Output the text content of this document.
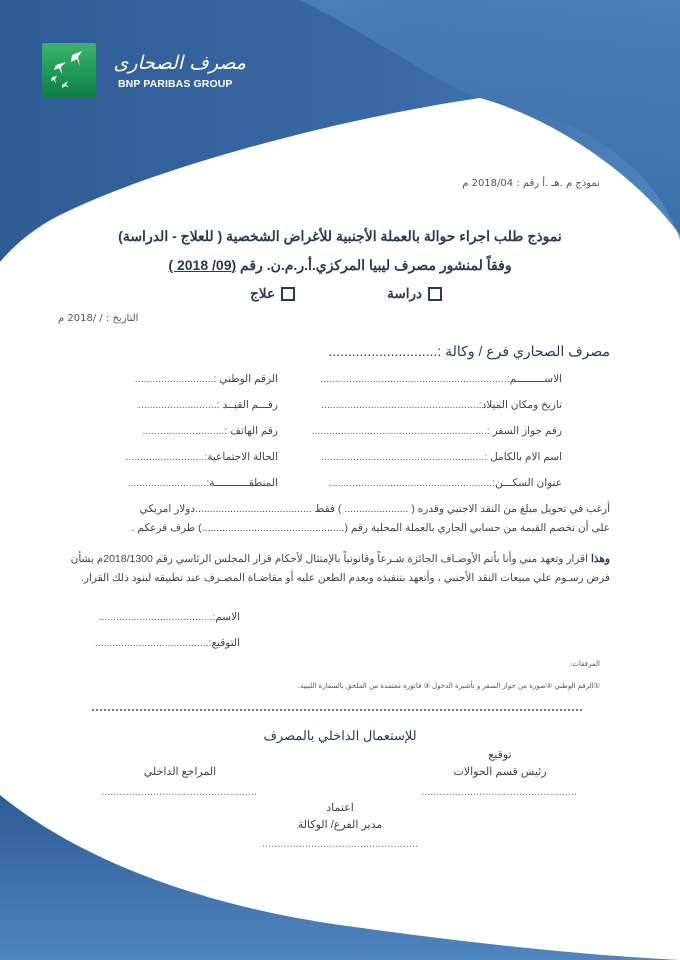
مصرف الصحارى
BNP PARIBAS GROUP
نموذج م .هـ .أ رقم : 2018/04 م
نموذج طلب اجراء حوالة بالعملة الأجنبية للأغراض الشخصية ( للعلاج - الدراسة)
وفقاً لمنشور مصرف ليبيا المركزي.أ.ر.م.ن. رقم (09/ 2018 )
دراسة
علاج
التاريخ : / /2018 م
مصرف الصحاري فرع / وكالة :............................
الاســـــــــم:................................................................
تاريخ ومكان الميلاد:......................................................
رقم جواز السفر :............................................................
اسم الام بالكامل :........................................................
عنوان السكـــن:........................................................
الرقم الوطني :...........................
رقـــم القيــد :...........................
رقم الهاتف :............................
الحالة الاجتماعية:...........................
المنطقـــــــــــة:...........................
أرغب في تحويل مبلغ من النقد الاجنبي وقدره ( ...................... ) فقط ........................................دولار امريكي
على أن تخصم القيمة من حسابي الجاري بالعملة المحلية رقم (.................................................) طرف فرعكم .
وهذا اقرار وتعهد مني وأنا بأتم الأوصـاف الجائزة شـرعاً وقانونياً بالإمتثال لأحكام قرار المجلس الرئاسي رقم 2018/1300م بشأن فرض رسـوم علي مبيعات النقد الأجنبي ، وأتعهد بتنفيذه وبعدم الطعن عليه أو مقاضـاة المصـرف عند تطبيقه لبنود ذلك القرار.
الاسم:.......................................
التوقيع:.......................................
المرفقات:
①الرقم الوطني ②صورة من جواز السفر و تأشيرة الدخول ③ فاتورة معتمدة من الملحق بالسفارة الليبية.
للإستعمال الداخلي بالمصرف
توقيع
رئيس قسم الحوالات
المراجع الداخلي
...................................................
...................................................
اعتماد
مدير الفرع/ الوكالة
...................................................
